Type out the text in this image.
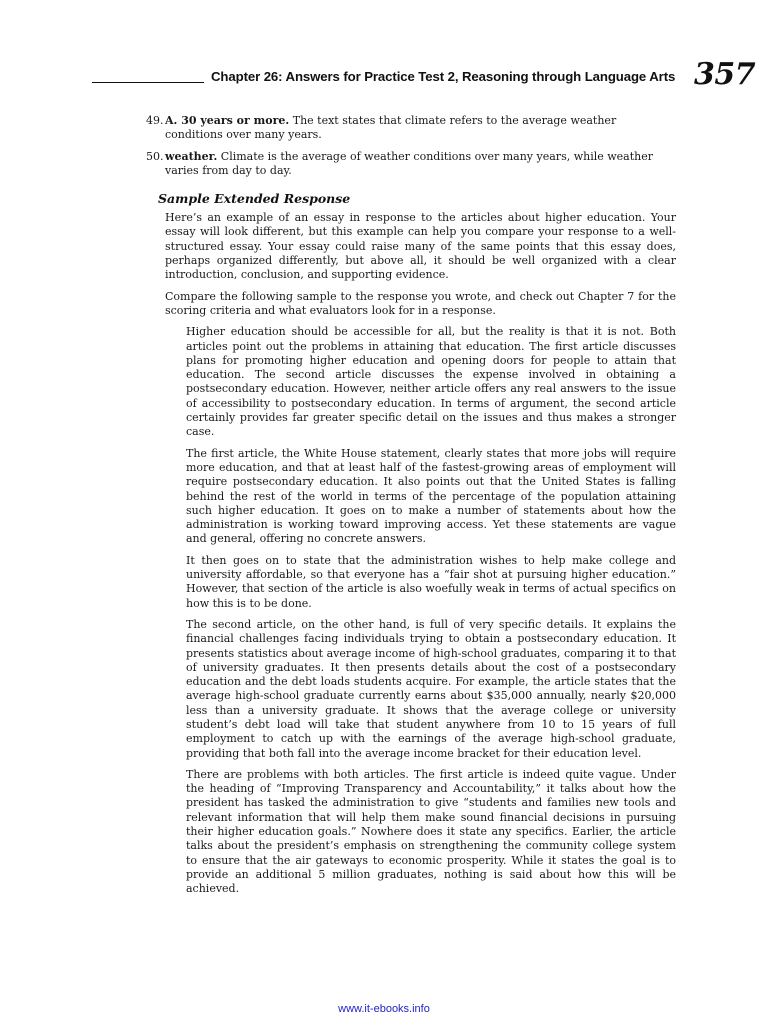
Chapter 26: Answers for Practice Test 2, Reasoning through Language Arts 357
49. A. 30 years or more. The text states that climate refers to the average weather conditions over many years.
50. weather. Climate is the average of weather conditions over many years, while weather varies from day to day.
Sample Extended Response

Here’s an example of an essay in response to the articles about higher education. Your essay will look different, but this example can help you compare your response to a well-structured essay. Your essay could raise many of the same points that this essay does, perhaps organized differently, but above all, it should be well organized with a clear introduction, conclusion, and supporting evidence.

Compare the following sample to the response you wrote, and check out Chapter 7 for the scoring criteria and what evaluators look for in a response.

Higher education should be accessible for all, but the reality is that it is not. Both articles point out the problems in attaining that education. The first article discusses plans for promoting higher education and opening doors for people to attain that education. The second article discusses the expense involved in obtaining a postsecondary education. However, neither article offers any real answers to the issue of accessibility to postsecondary education. In terms of argument, the second article certainly provides far greater specific detail on the issues and thus makes a stronger case.

The first article, the White House statement, clearly states that more jobs will require more education, and that at least half of the fastest-growing areas of employment will require postsecondary education. It also points out that the United States is falling behind the rest of the world in terms of the percentage of the population attaining such higher education. It goes on to make a number of statements about how the administration is working toward improving access. Yet these statements are vague and general, offering no concrete answers.

It then goes on to state that the administration wishes to help make college and university affordable, so that everyone has a “fair shot at pursuing higher education.” However, that section of the article is also woefully weak in terms of actual specifics on how this is to be done.

The second article, on the other hand, is full of very specific details. It explains the financial challenges facing individuals trying to obtain a postsecondary education. It presents statistics about average income of high-school graduates, comparing it to that of university graduates. It then presents details about the cost of a postsecondary education and the debt loads students acquire. For example, the article states that the average high-school graduate currently earns about $35,000 annually, nearly $20,000 less than a university graduate. It shows that the average college or university student’s debt load will take that student anywhere from 10 to 15 years of full employment to catch up with the earnings of the average high-school graduate, providing that both fall into the average income bracket for their education level.

There are problems with both articles. The first article is indeed quite vague. Under the heading of “Improving Transparency and Accountability,” it talks about how the president has tasked the administration to give “students and families new tools and relevant information that will help them make sound financial decisions in pursuing their higher education goals.” Nowhere does it state any specifics. Earlier, the article talks about the president’s emphasis on strengthening the community college system to ensure that the air gateways to economic prosperity. While it states the goal is to provide an additional 5 million graduates, nothing is said about how this will be achieved.

www.it-ebooks.info
